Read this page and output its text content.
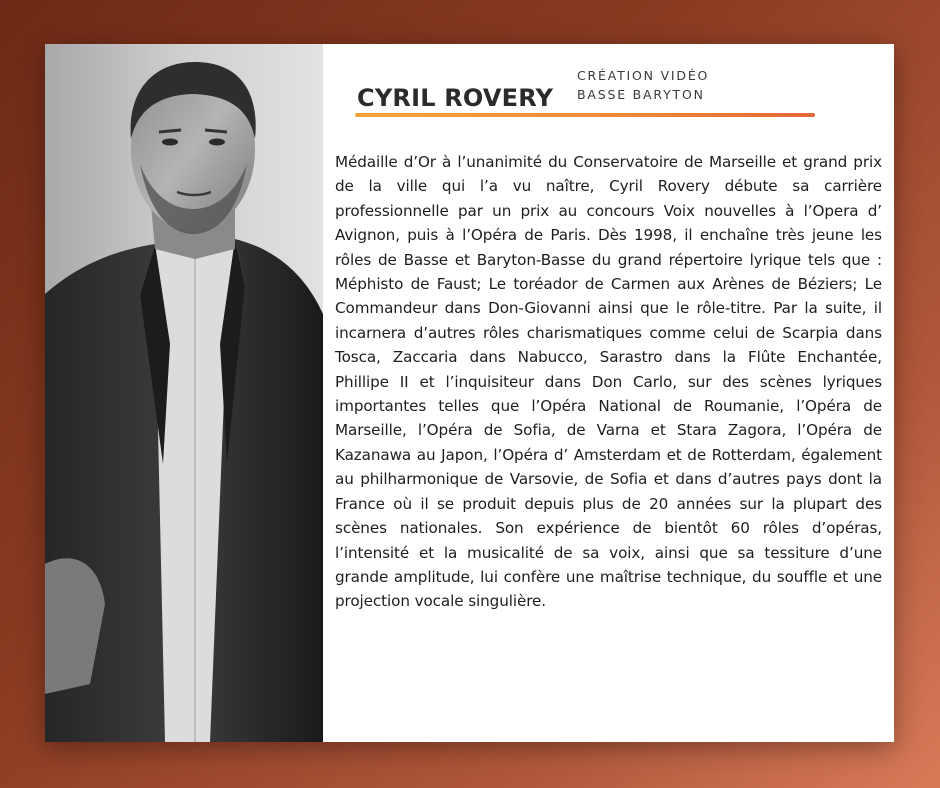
CYRIL ROVERY
CRÉATION VIDÉO
BASSE BARYTON
Médaille d’Or à l’unanimité du Conservatoire de Marseille et grand prix de la ville qui l’a vu naître, Cyril Rovery débute sa carrière professionnelle par un prix au concours Voix nouvelles à l’Opera d’ Avignon, puis à l’Opéra de Paris. Dès 1998, il enchaîne très jeune les rôles de Basse et Baryton-Basse du grand répertoire lyrique tels que : Méphisto de Faust; Le toréador de Carmen aux Arènes de Béziers; Le Commandeur dans Don-Giovanni ainsi que le rôle-titre. Par la suite, il incarnera d’autres rôles charismatiques comme celui de Scarpia dans Tosca, Zaccaria dans Nabucco, Sarastro dans la Flûte Enchantée, Phillipe II et l’inquisiteur dans Don Carlo, sur des scènes lyriques importantes telles que l’Opéra National de Roumanie, l’Opéra de Marseille, l’Opéra de Sofia, de Varna et Stara Zagora, l’Opéra de Kazanawa au Japon, l’Opéra d’ Amsterdam et de Rotterdam, également au philharmonique de Varsovie, de Sofia et dans d’autres pays dont la France où il se produit depuis plus de 20 années sur la plupart des scènes nationales. Son expérience de bientôt 60 rôles d’opéras, l’intensité et la musicalité de sa voix, ainsi que sa tessiture d’une grande amplitude, lui confère une maîtrise technique, du souffle et une projection vocale singulière.
